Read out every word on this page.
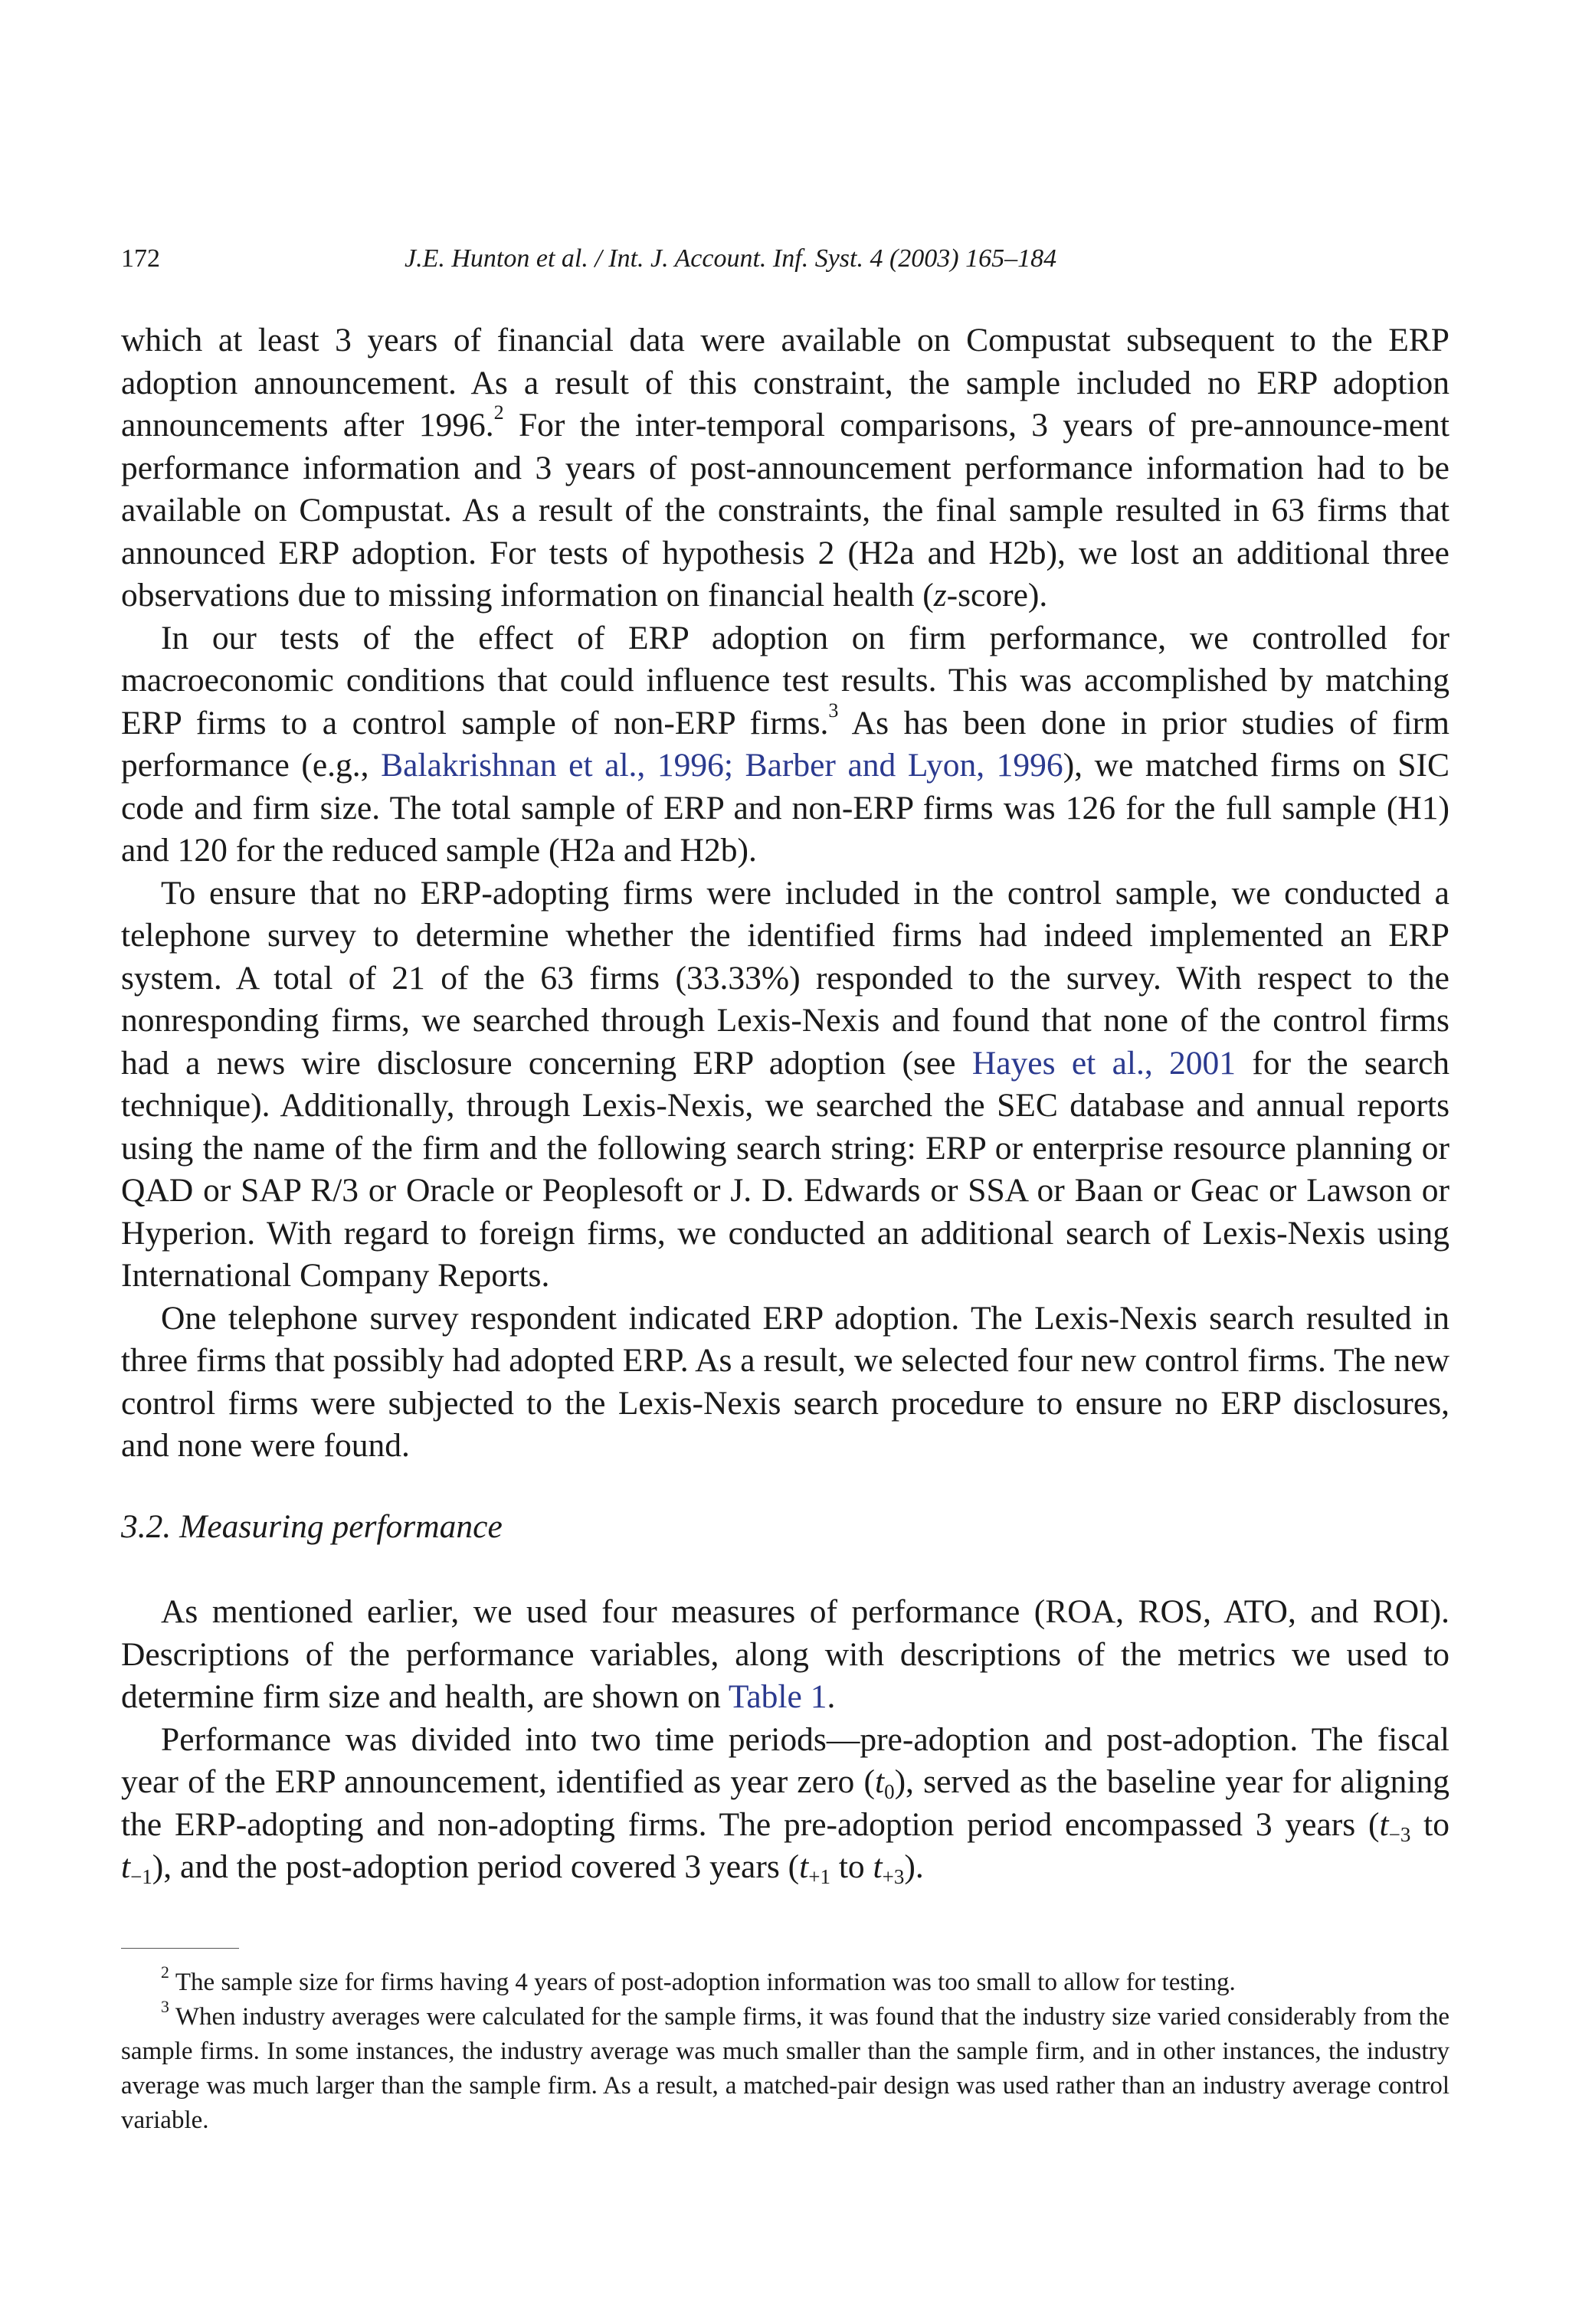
172	J.E. Hunton et al. / Int. J. Account. Inf. Syst. 4 (2003) 165–184

which at least 3 years of financial data were available on Compustat subsequent to the ERP adoption announcement. As a result of this constraint, the sample included no ERP adoption announcements after 1996.$^2$ For the inter-temporal comparisons, 3 years of pre-announce-ment performance information and 3 years of post-announcement performance information had to be available on Compustat. As a result of the constraints, the final sample resulted in 63 firms that announced ERP adoption. For tests of hypothesis 2 (H2a and H2b), we lost an additional three observations due to missing information on financial health (z-score).

In our tests of the effect of ERP adoption on firm performance, we controlled for macroeconomic conditions that could influence test results. This was accomplished by matching ERP firms to a control sample of non-ERP firms.$^3$ As has been done in prior studies of firm performance (e.g., Balakrishnan et al., 1996; Barber and Lyon, 1996), we matched firms on SIC code and firm size. The total sample of ERP and non-ERP firms was 126 for the full sample (H1) and 120 for the reduced sample (H2a and H2b).

To ensure that no ERP-adopting firms were included in the control sample, we conducted a telephone survey to determine whether the identified firms had indeed implemented an ERP system. A total of 21 of the 63 firms (33.33%) responded to the survey. With respect to the nonresponding firms, we searched through Lexis-Nexis and found that none of the control firms had a news wire disclosure concerning ERP adoption (see Hayes et al., 2001 for the search technique). Additionally, through Lexis-Nexis, we searched the SEC database and annual reports using the name of the firm and the following search string: ERP or enterprise resource planning or QAD or SAP R/3 or Oracle or Peoplesoft or J. D. Edwards or SSA or Baan or Geac or Lawson or Hyperion. With regard to foreign firms, we conducted an additional search of Lexis-Nexis using International Company Reports.

One telephone survey respondent indicated ERP adoption. The Lexis-Nexis search resulted in three firms that possibly had adopted ERP. As a result, we selected four new control firms. The new control firms were subjected to the Lexis-Nexis search procedure to ensure no ERP disclosures, and none were found.

3.2. Measuring performance

As mentioned earlier, we used four measures of performance (ROA, ROS, ATO, and ROI). Descriptions of the performance variables, along with descriptions of the metrics we used to determine firm size and health, are shown on Table 1.

Performance was divided into two time periods—pre-adoption and post-adoption. The fiscal year of the ERP announcement, identified as year zero $(t_0)$, served as the baseline year for aligning the ERP-adopting and non-adopting firms. The pre-adoption period encompassed 3 years ($t_{-3}$ to $t_{-1}$), and the post-adoption period covered 3 years ($t_{+1}$ to $t_{+3}$).

$^2$ The sample size for firms having 4 years of post-adoption information was too small to allow for testing.

$^3$ When industry averages were calculated for the sample firms, it was found that the industry size varied considerably from the sample firms. In some instances, the industry average was much smaller than the sample firm, and in other instances, the industry average was much larger than the sample firm. As a result, a matched-pair design was used rather than an industry average control variable.
